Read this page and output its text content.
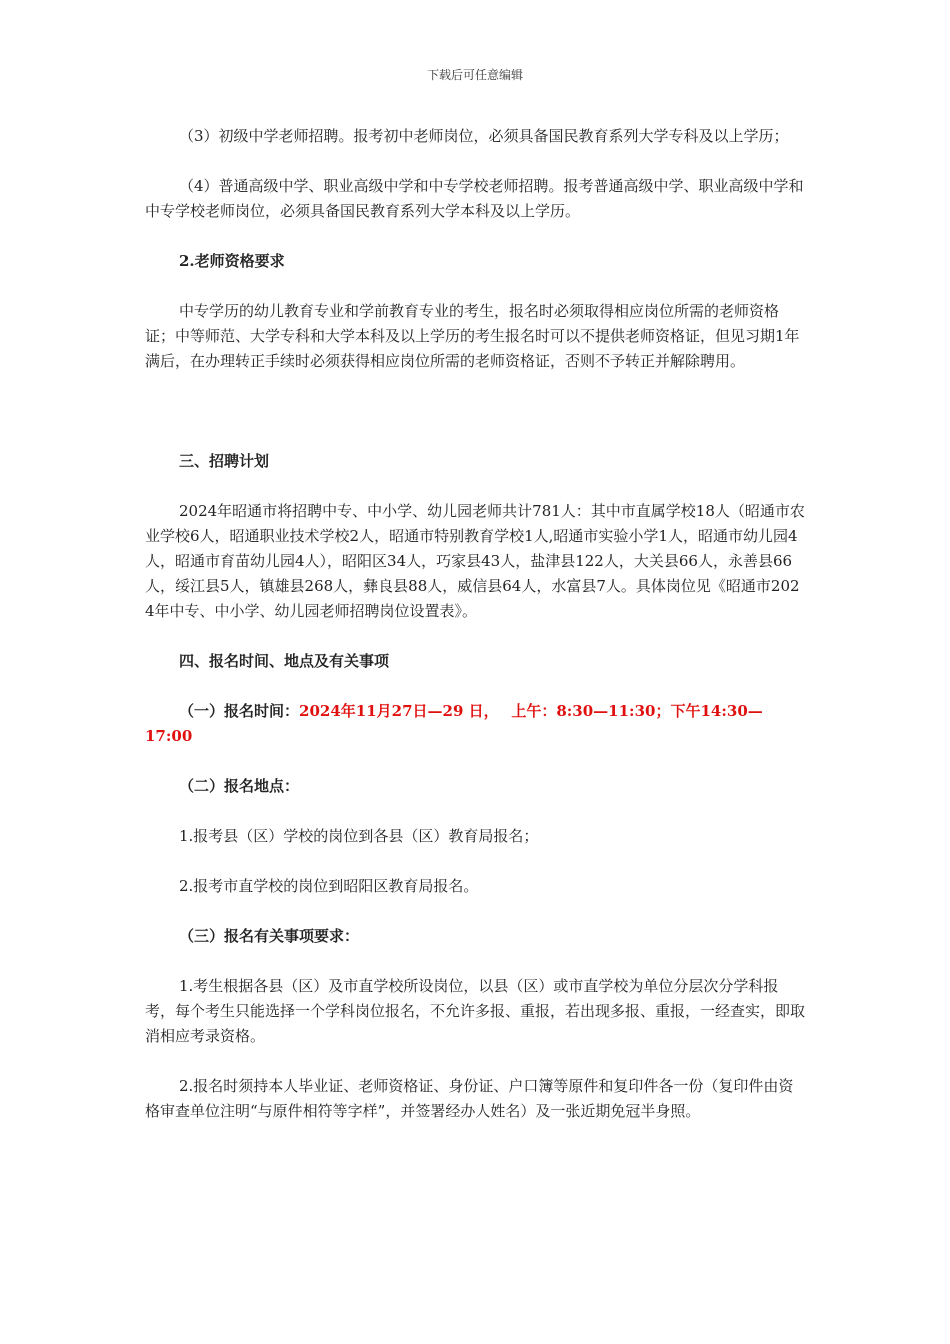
下载后可任意编辑

（3）初级中学老师招聘。报考初中老师岗位，必须具备国民教育系列大学专科及以上学历；

（4）普通高级中学、职业高级中学和中专学校老师招聘。报考普通高级中学、职业高级中学和中专学校老师岗位，必须具备国民教育系列大学本科及以上学历。

2.老师资格要求

中专学历的幼儿教育专业和学前教育专业的考生，报名时必须取得相应岗位所需的老师资格证；中等师范、大学专科和大学本科及以上学历的考生报名时可以不提供老师资格证，但见习期1年满后，在办理转正手续时必须获得相应岗位所需的老师资格证，否则不予转正并解除聘用。

三、招聘计划

2024年昭通市将招聘中专、中小学、幼儿园老师共计781人：其中市直属学校18人（昭通市农业学校6人，昭通职业技术学校2人，昭通市特别教育学校1人,昭通市实验小学1人，昭通市幼儿园4人，昭通市育苗幼儿园4人），昭阳区34人，巧家县43人，盐津县122人，大关县66人，永善县66人，绥江县5人，镇雄县268人，彝良县88人，威信县64人，水富县7人。具体岗位见《昭通市2024年中专、中小学、幼儿园老师招聘岗位设置表》。

四、报名时间、地点及有关事项

（一）报名时间：2024年11月27日—29 日，　 上午：8:30—11:30；下午14:30—17:00

（二）报名地点：

1.报考县（区）学校的岗位到各县（区）教育局报名；

2.报考市直学校的岗位到昭阳区教育局报名。

（三）报名有关事项要求：

1.考生根据各县（区）及市直学校所设岗位，以县（区）或市直学校为单位分层次分学科报考，每个考生只能选择一个学科岗位报名，不允许多报、重报，若出现多报、重报，一经查实，即取消相应考录资格。

2.报名时须持本人毕业证、老师资格证、身份证、户口簿等原件和复印件各一份（复印件由资格审查单位注明“与原件相符等字样”，并签署经办人姓名）及一张近期免冠半身照。
